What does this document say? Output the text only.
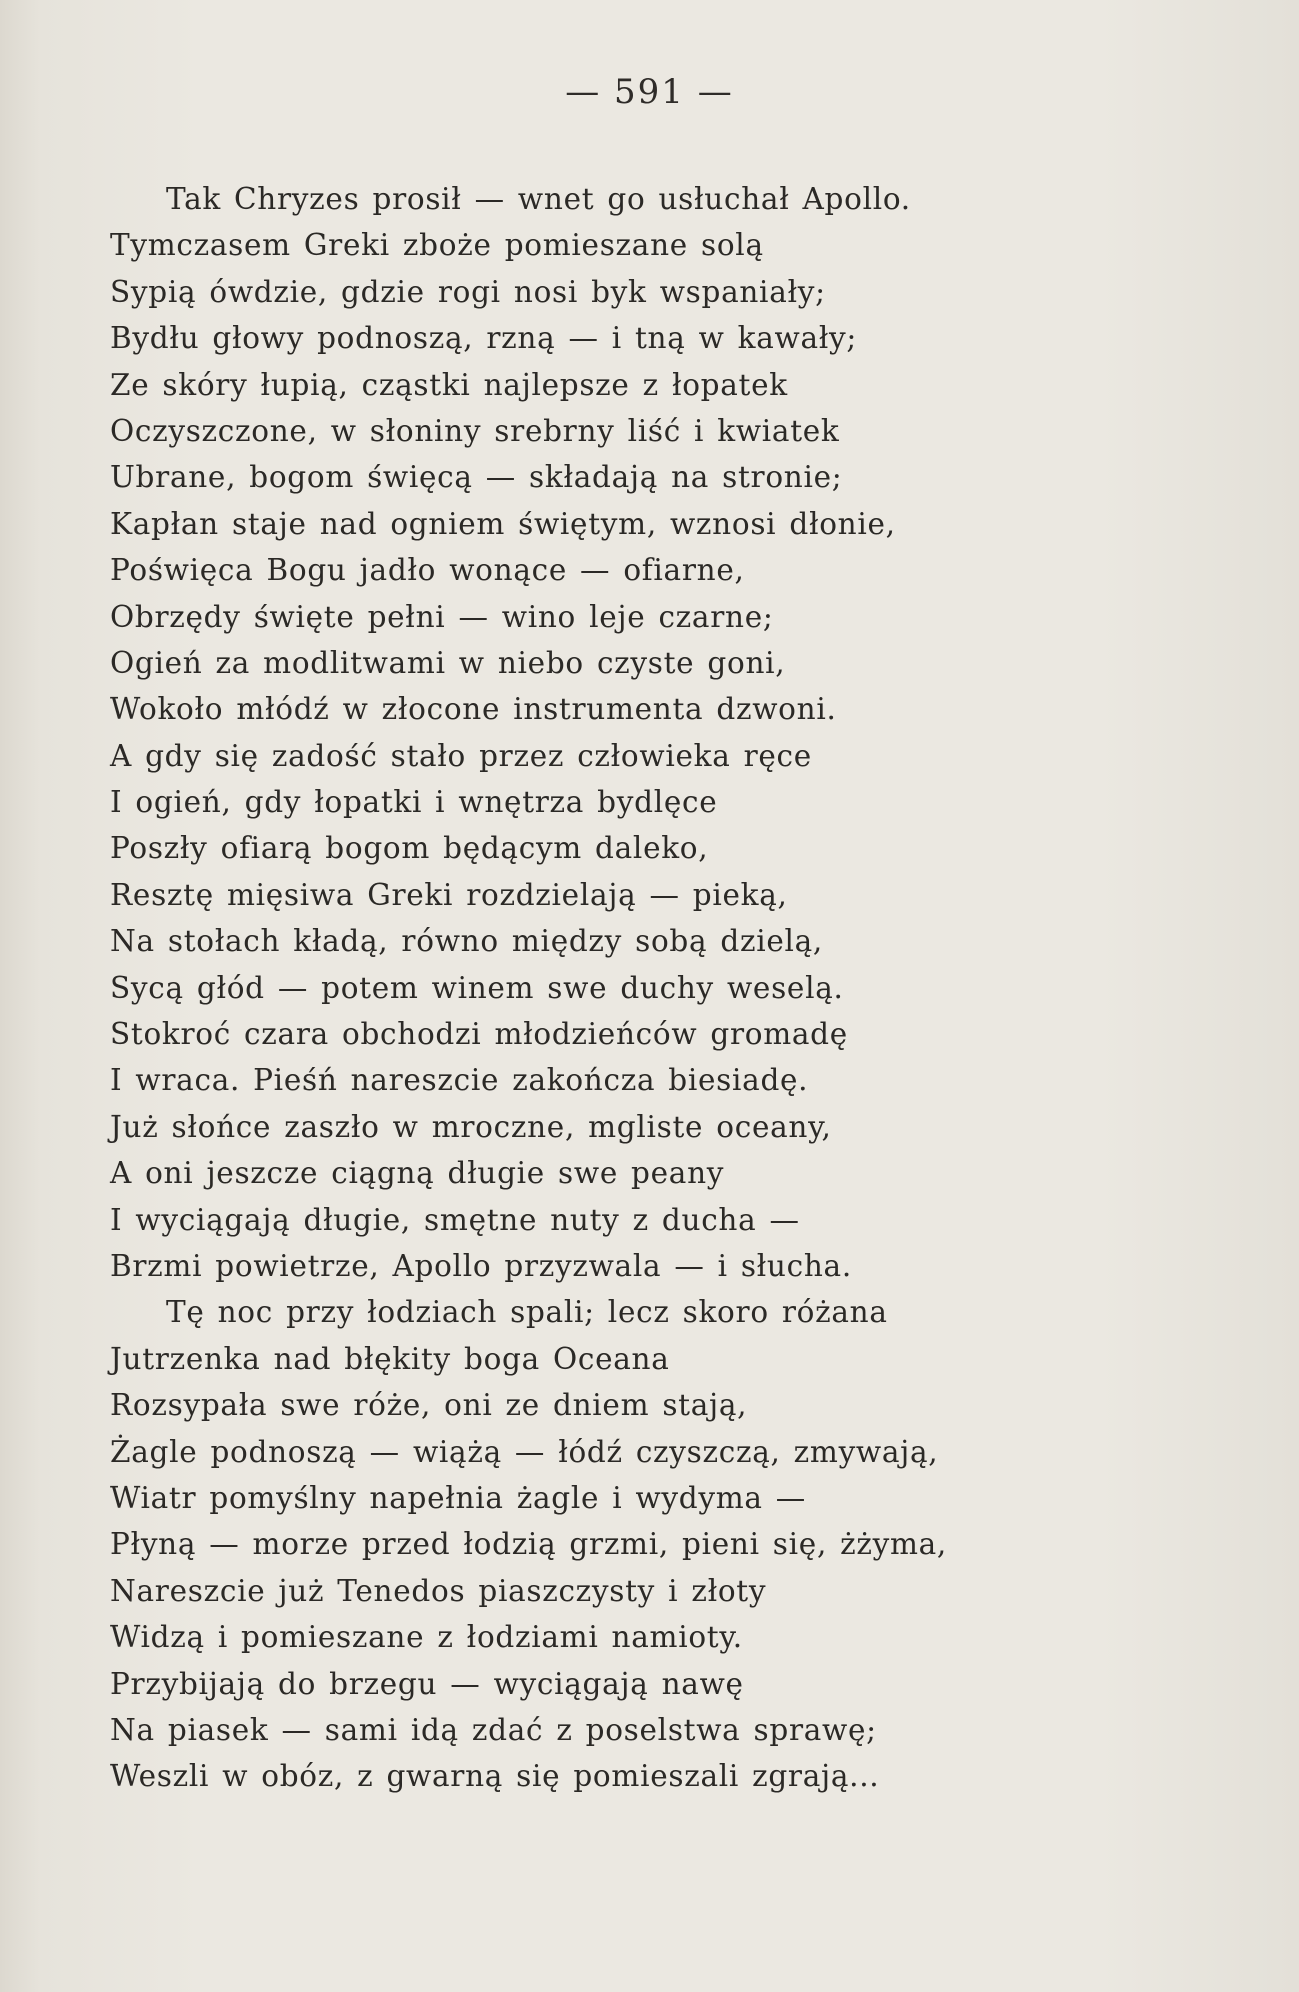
— 591 —
Tak Chryzes prosił — wnet go usłuchał Apollo.
Tymczasem Greki zboże pomieszane solą
Sypią ówdzie, gdzie rogi nosi byk wspaniały;
Bydłu głowy podnoszą, rzną — i tną w kawały;
Ze skóry łupią, cząstki najlepsze z łopatek
Oczyszczone, w słoniny srebrny liść i kwiatek
Ubrane, bogom święcą — składają na stronie;
Kapłan staje nad ogniem świętym, wznosi dłonie,
Poświęca Bogu jadło wonące — ofiarne,
Obrzędy święte pełni — wino leje czarne;
Ogień za modlitwami w niebo czyste goni,
Wokoło młódź w złocone instrumenta dzwoni.
A gdy się zadość stało przez człowieka ręce
I ogień, gdy łopatki i wnętrza bydlęce
Poszły ofiarą bogom będącym daleko,
Resztę mięsiwa Greki rozdzielają — pieką,
Na stołach kładą, równo między sobą dzielą,
Sycą głód — potem winem swe duchy weselą.
Stokroć czara obchodzi młodzieńców gromadę
I wraca. Pieśń nareszcie zakończa biesiadę.
Już słońce zaszło w mroczne, mgliste oceany,
A oni jeszcze ciągną długie swe peany
I wyciągają długie, smętne nuty z ducha —
Brzmi powietrze, Apollo przyzwala — i słucha.
Tę noc przy łodziach spali; lecz skoro różana
Jutrzenka nad błękity boga Oceana
Rozsypała swe róże, oni ze dniem stają,
Żagle podnoszą — wiążą — łódź czyszczą, zmywają,
Wiatr pomyślny napełnia żagle i wydyma —
Płyną — morze przed łodzią grzmi, pieni się, żżyma,
Nareszcie już Tenedos piaszczysty i złoty
Widzą i pomieszane z łodziami namioty.
Przybijają do brzegu — wyciągają nawę
Na piasek — sami idą zdać z poselstwa sprawę;
Weszli w obóz, z gwarną się pomieszali zgrają...
